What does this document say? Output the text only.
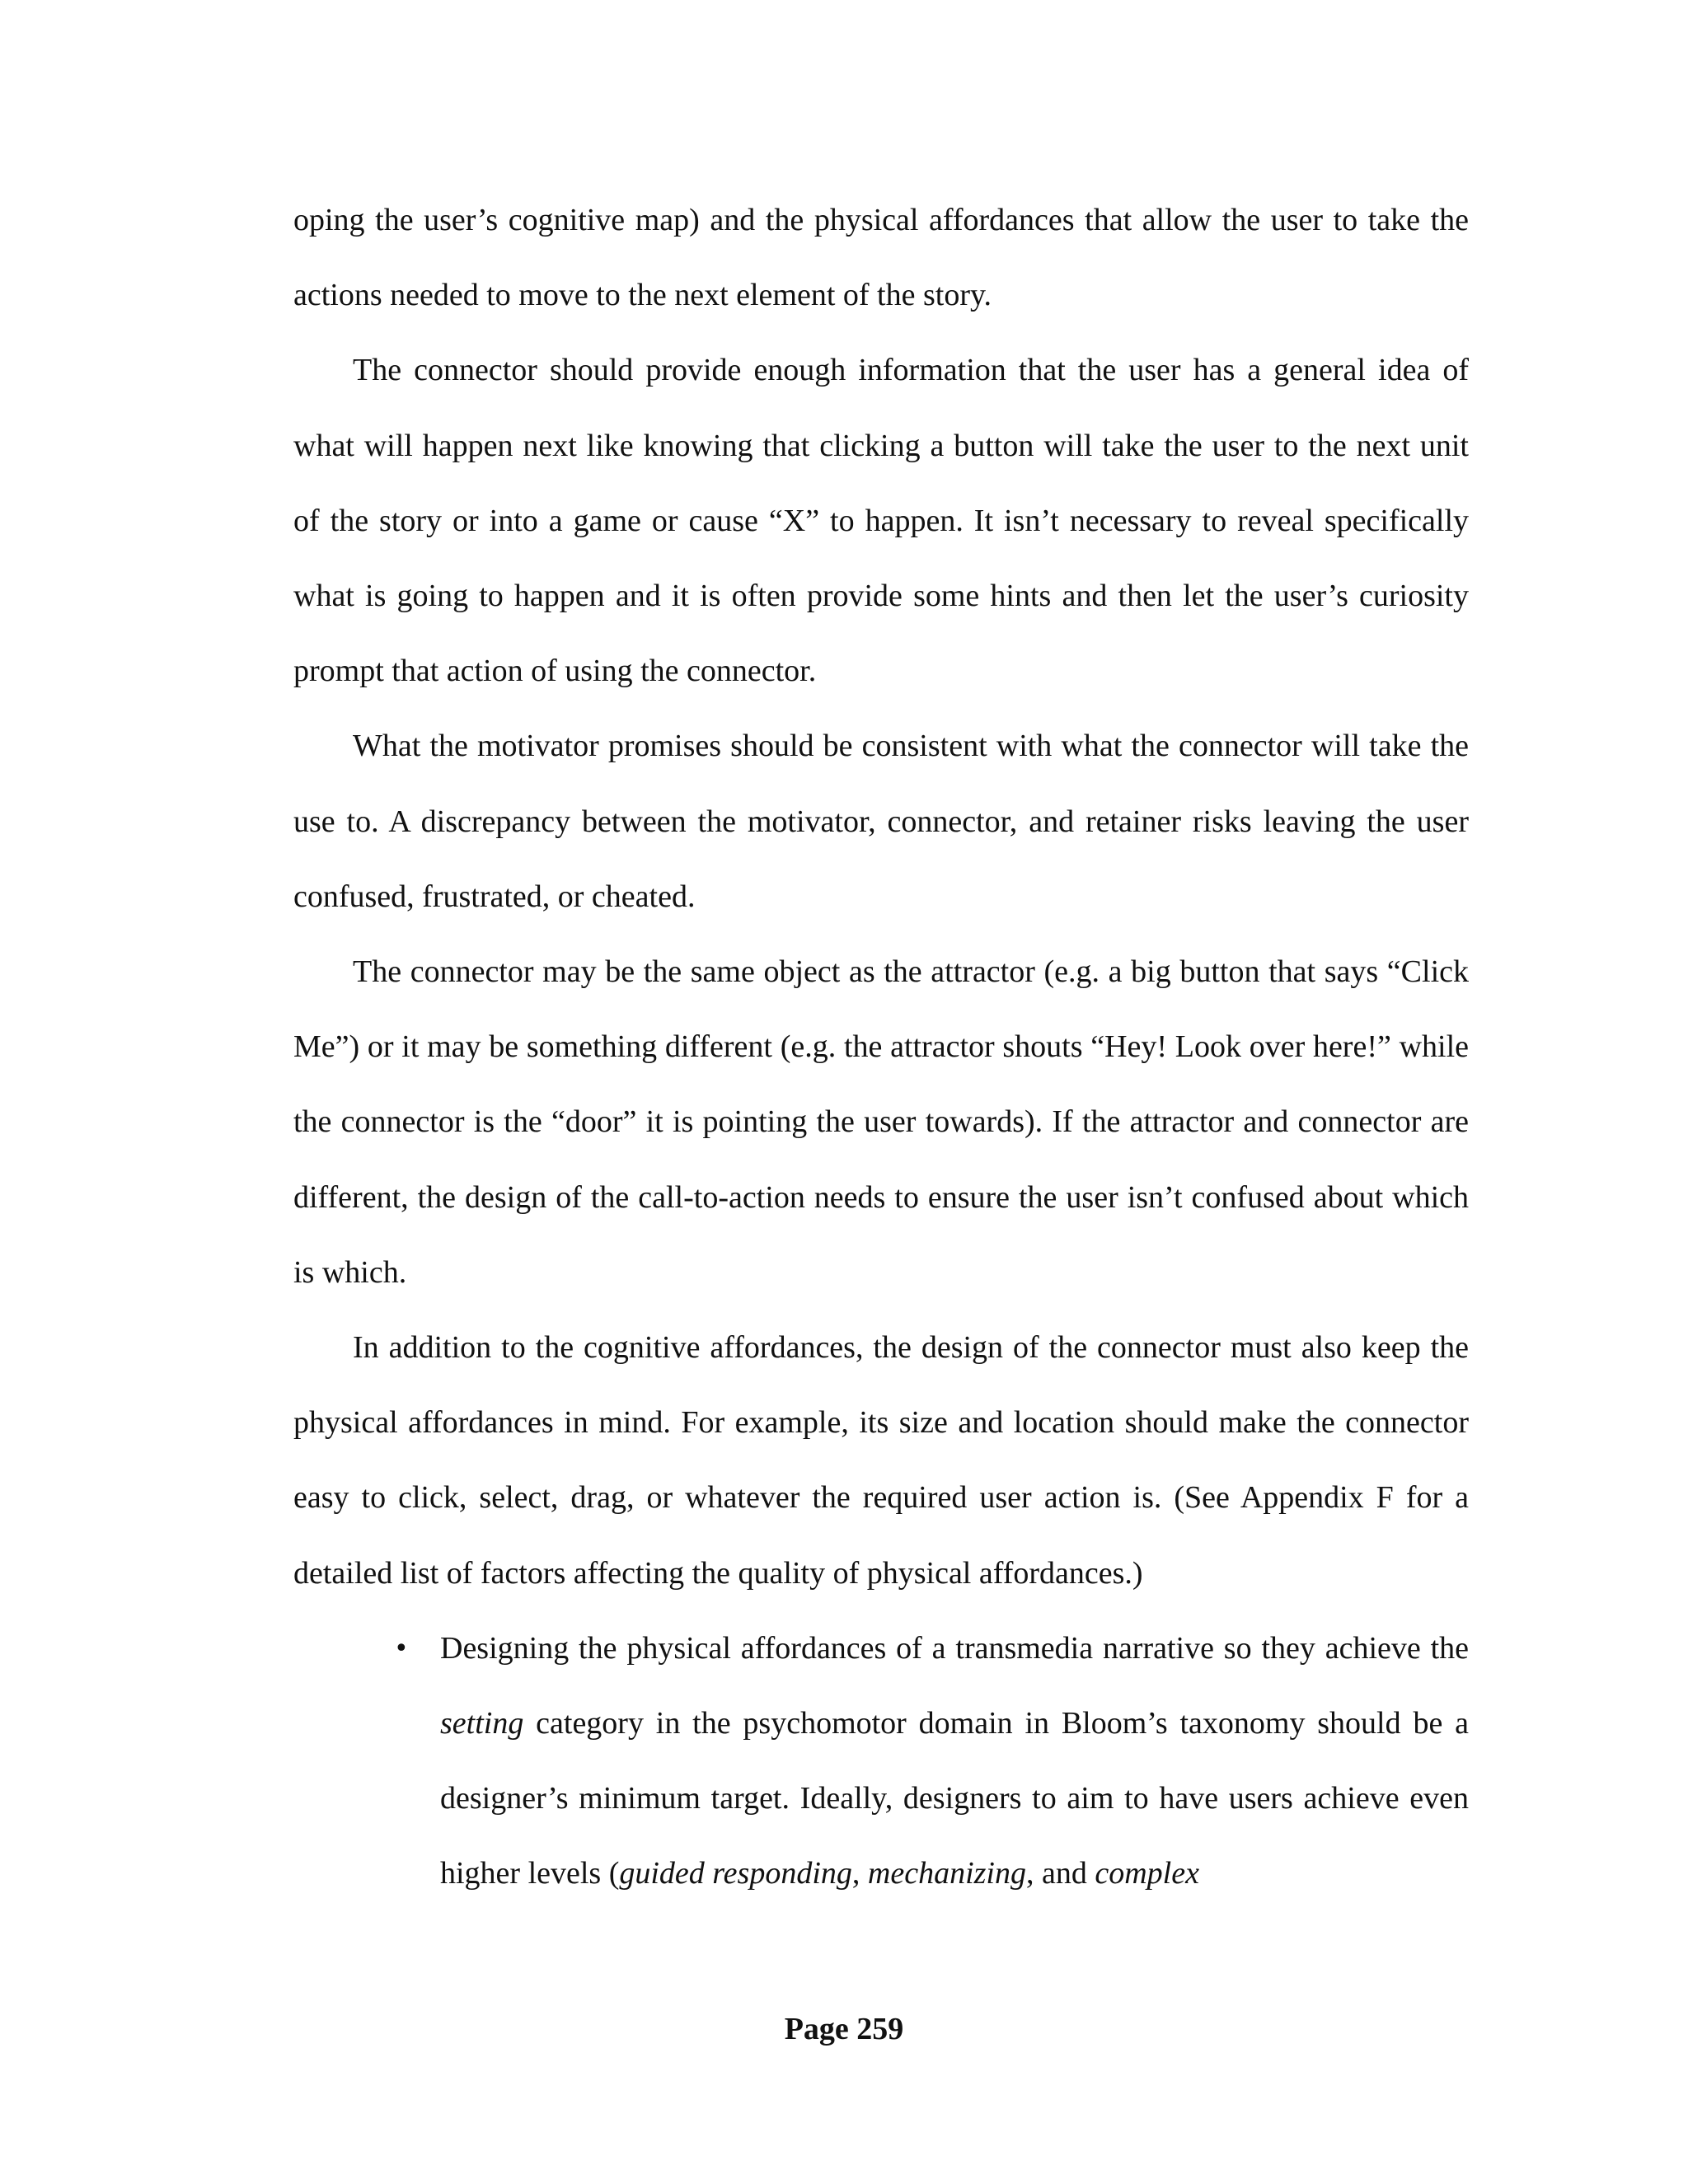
oping the user’s cognitive map) and the physical affordances that allow the user to take the actions needed to move to the next element of the story.

The connector should provide enough information that the user has a general idea of what will happen next like knowing that clicking a button will take the user to the next unit of the story or into a game or cause “X” to happen. It isn’t necessary to reveal specifically what is going to happen and it is often provide some hints and then let the user’s curiosity prompt that action of using the connector.

What the motivator promises should be consistent with what the connector will take the use to. A discrepancy between the motivator, connector, and retainer risks leaving the user confused, frustrated, or cheated.

The connector may be the same object as the attractor (e.g. a big button that says “Click Me”) or it may be something different (e.g. the attractor shouts “Hey! Look over here!” while the connector is the “door” it is pointing the user towards). If the attractor and connector are different, the design of the call-to-action needs to ensure the user isn’t confused about which is which.

In addition to the cognitive affordances, the design of the connector must also keep the physical affordances in mind. For example, its size and location should make the connector easy to click, select, drag, or whatever the required user action is. (See Appendix F for a detailed list of factors affecting the quality of physical affordances.)

• Designing the physical affordances of a transmedia narrative so they achieve the setting category in the psychomotor domain in Bloom’s taxonomy should be a designer’s minimum target. Ideally, designers to aim to have users achieve even higher levels (guided responding, mechanizing, and complex
Page 259
